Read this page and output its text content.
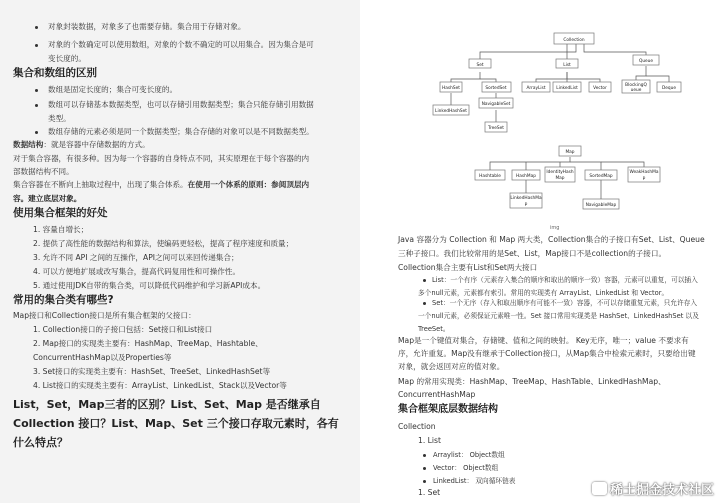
对象封装数据，对象多了也需要存储。集合用于存储对象。
对象的个数确定可以使用数组，对象的个数不确定的可以用集合。因为集合是可
变长度的。
集合和数组的区别
数组是固定长度的；集合可变长度的。
数组可以存储基本数据类型，也可以存储引用数据类型；集合只能存储引用数据
类型。
数组存储的元素必须是同一个数据类型；集合存储的对象可以是不同数据类型。
数据结构：就是容器中存储数据的方式。
对于集合容器，有很多种。因为每一个容器的自身特点不同，其实原理在于每个容器的内
部数据结构不同。
集合容器在不断向上抽取过程中，出现了集合体系。在使用一个体系的原则：参阅顶层内
容。建立底层对象。
使用集合框架的好处
1. 容量自增长；
2. 提供了高性能的数据结构和算法，使编码更轻松，提高了程序速度和质量；
3. 允许不同 API 之间的互操作，API之间可以来回传递集合；
4. 可以方便地扩展或改写集合，提高代码复用性和可操作性。
5. 通过使用JDK自带的集合类，可以降低代码维护和学习新API成本。
常用的集合类有哪些?
Map接口和Collection接口是所有集合框架的父接口：
1. Collection接口的子接口包括：Set接口和List接口
2. Map接口的实现类主要有：HashMap、TreeMap、Hashtable、
ConcurrentHashMap以及Properties等
3. Set接口的实现类主要有：HashSet、TreeSet、LinkedHashSet等
4. List接口的实现类主要有：ArrayList、LinkedList、Stack以及Vector等
List，Set，Map三者的区别？List、Set、Map 是否继承自
Collection 接口？List、Map、Set 三个接口存取元素时，各有
什么特点？
Collection
Set	List
Queue
HashSet	SortedSet	ArrayList LinkedList	Vector
BlockingQ
ueue	Deque
LinkedHashSet
NavigableSet
TreeSet
Map
Hashtable	HashMap
IdentityHash
Map	SortedMap
WeakHashMa
p
LinkedHashMa
p	NavigableMap
img
Java 容器分为 Collection 和 Map 两大类，Collection集合的子接口有Set、List、Queue
三种子接口。我们比较常用的是Set、List，Map接口不是collection的子接口。
Collection集合主要有List和Set两大接口
List：一个有序（元素存入集合的顺序和取出的顺序一致）容器，元素可以重复，可以插入
多个null元素，元素都有索引。常用的实现类有 ArrayList、LinkedList 和 Vector。
Set：一个无序（存入和取出顺序有可能不一致）容器，不可以存储重复元素，只允许存入
一个null元素，必须保证元素唯一性。Set 接口常用实现类是 HashSet、LinkedHashSet 以及
TreeSet。
Map是一个键值对集合，存储键、值和之间的映射。 Key无序，唯一；value 不要求有
序，允许重复。Map没有继承于Collection接口，从Map集合中检索元素时，只要给出键
对象，就会返回对应的值对象。
Map 的常用实现类：HashMap、TreeMap、HashTable、LinkedHashMap、
ConcurrentHashMap
集合框架底层数据结构
Collection
1. List
Arraylist： Object数组
Vector： Object数组
LinkedList： 双向循环链表
1. Set	稀土掘金技术社区
